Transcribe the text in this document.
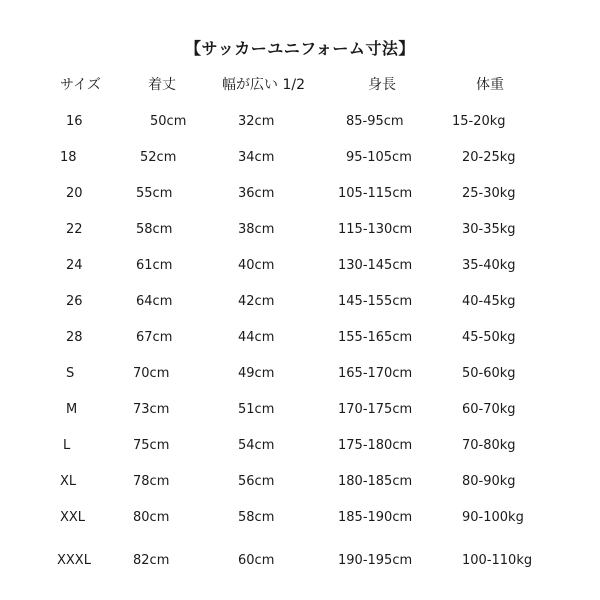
【サッカーユニフォーム寸法】
サイズ	着丈	幅が広い 1/2	身長	体重
16	50cm	32cm	85-95cm	15-20kg
18	52cm	34cm	95-105cm	20-25kg
20	55cm	36cm	105-115cm	25-30kg
22	58cm	38cm	115-130cm	30-35kg
24	61cm	40cm	130-145cm	35-40kg
26	64cm	42cm	145-155cm	40-45kg
28	67cm	44cm	155-165cm	45-50kg
S	70cm	49cm	165-170cm	50-60kg
M	73cm	51cm	170-175cm	60-70kg
L	75cm	54cm	175-180cm	70-80kg
XL	78cm	56cm	180-185cm	80-90kg
XXL	80cm	58cm	185-190cm	90-100kg
XXXL	82cm	60cm	190-195cm	100-110kg
